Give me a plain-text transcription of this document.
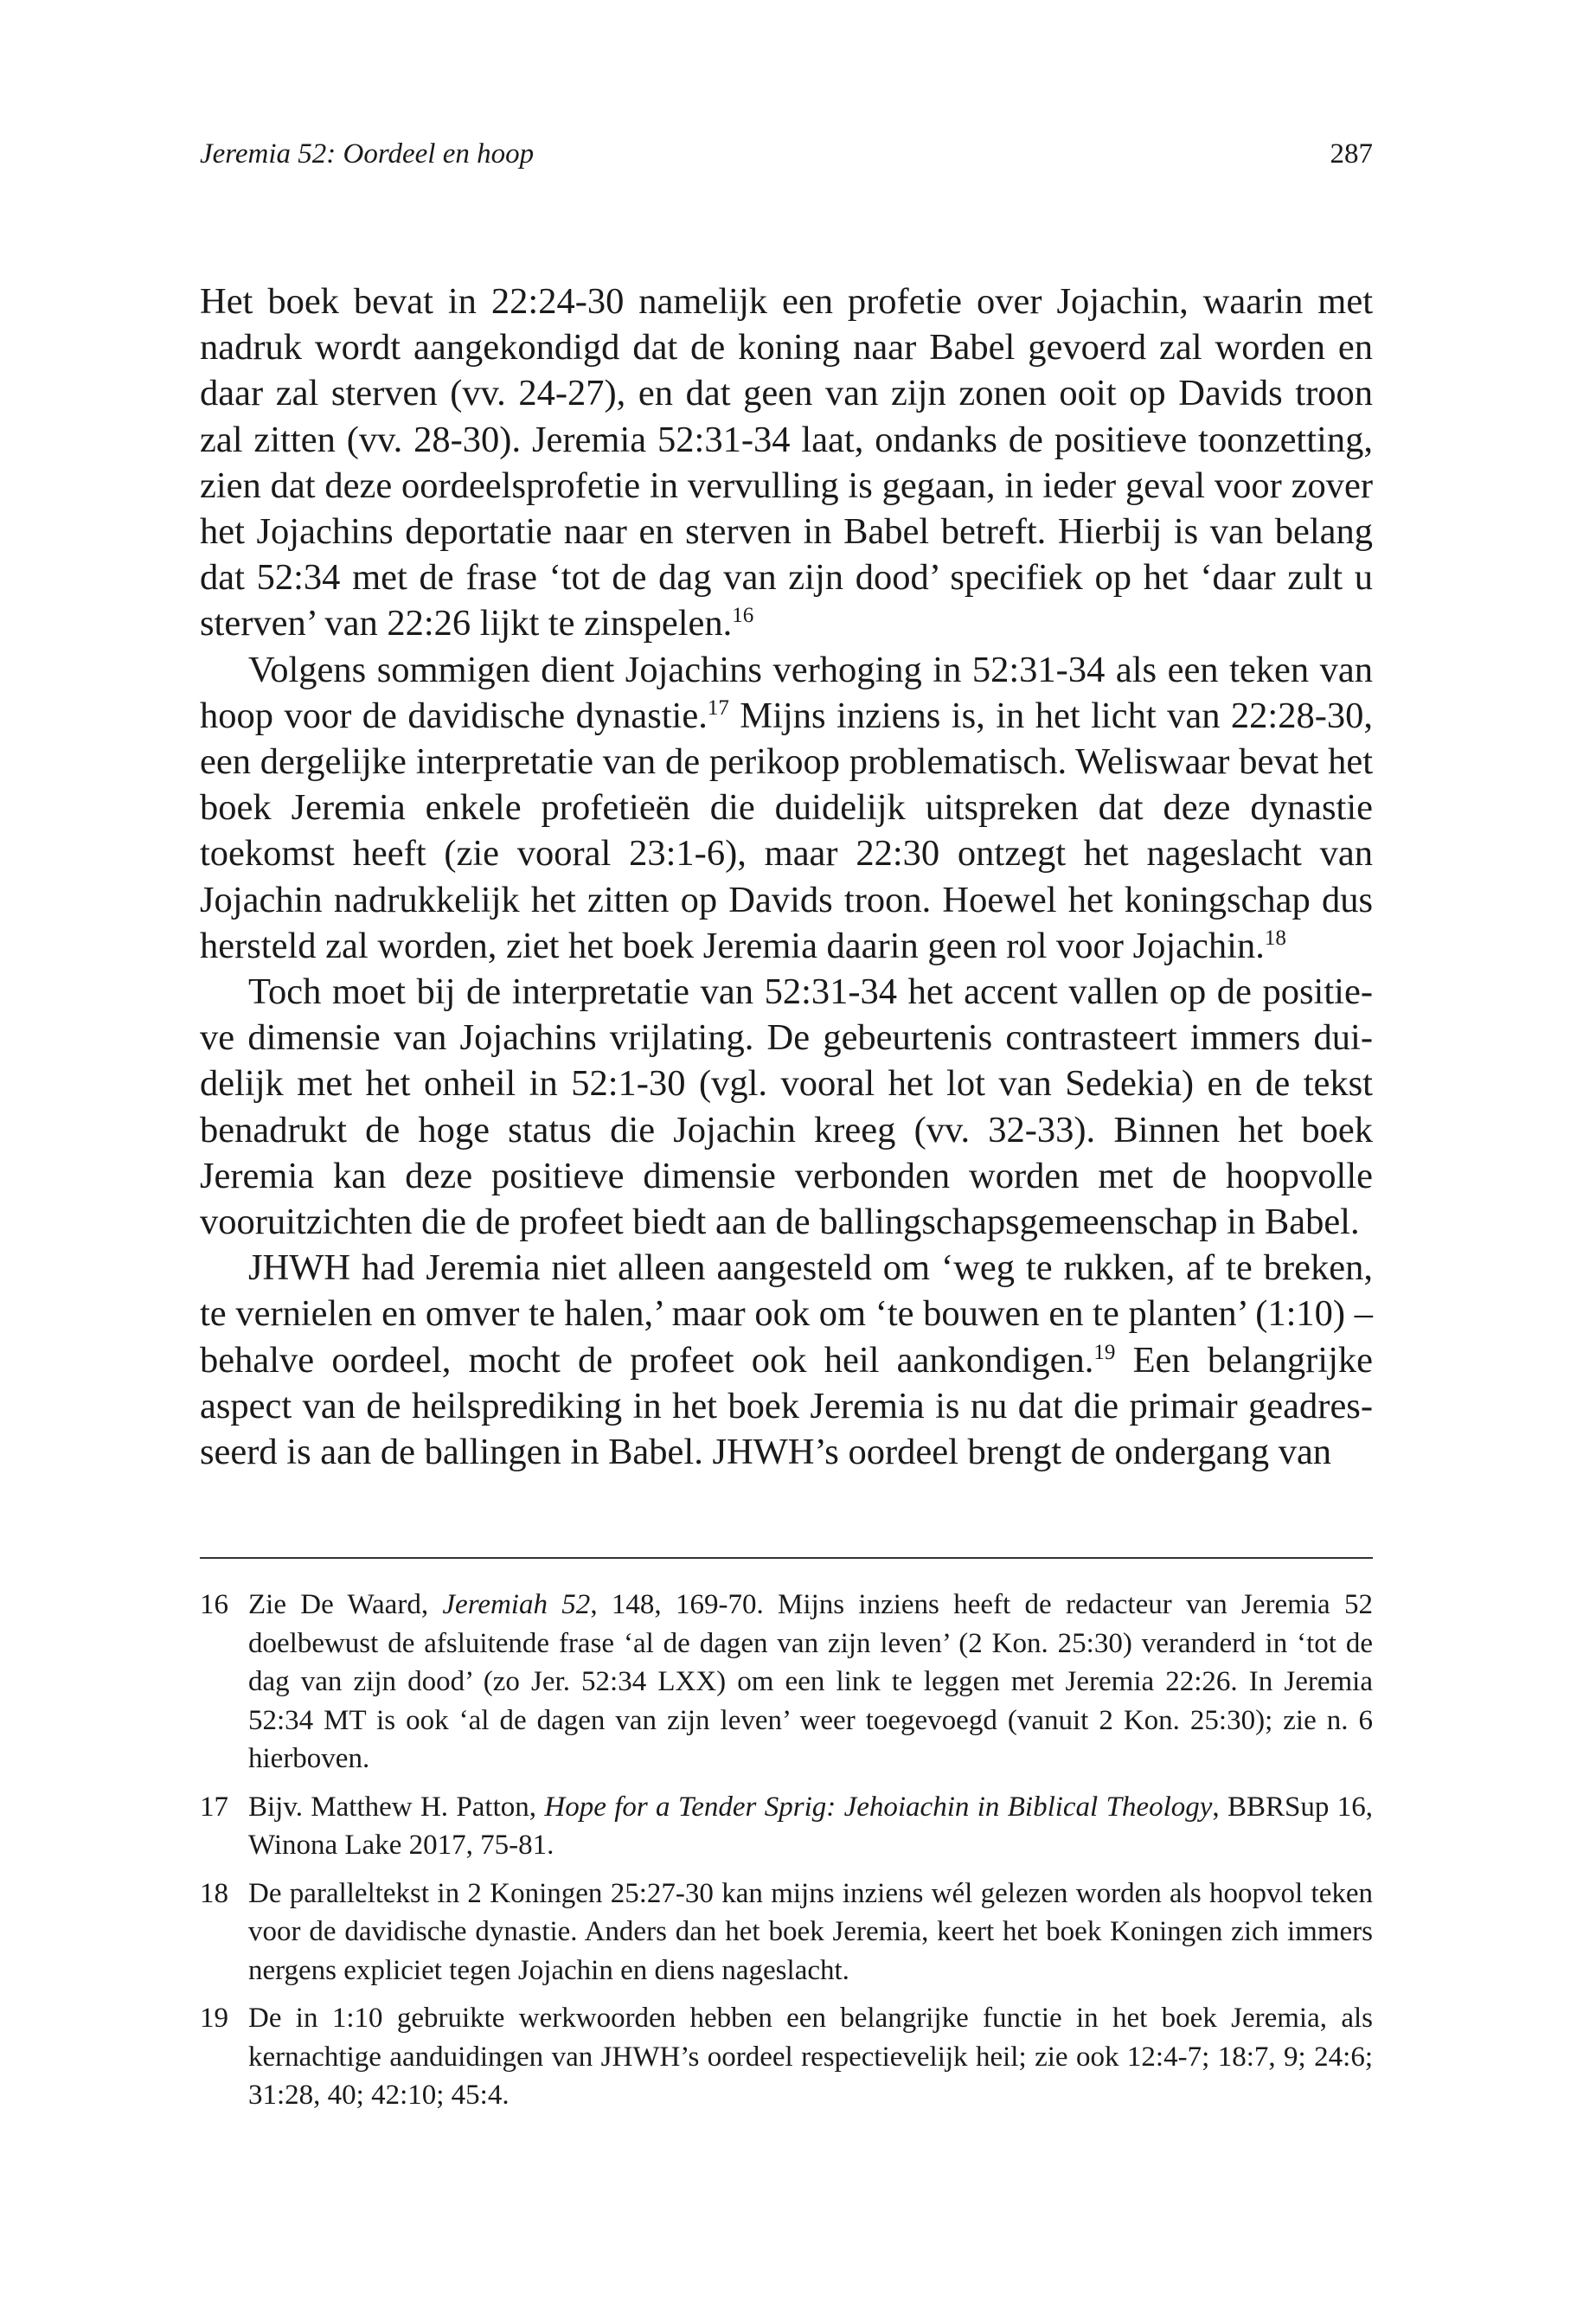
Jeremia 52: Oordeel en hoop	287

Het boek bevat in 22:24-30 namelijk een profetie over Jojachin, waarin met nadruk wordt aangekondigd dat de koning naar Babel gevoerd zal worden en daar zal sterven (vv. 24-27), en dat geen van zijn zonen ooit op Davids troon zal zitten (vv. 28-30). Jeremia 52:31-34 laat, ondanks de positieve toonzetting, zien dat deze oordeelsprofetie in vervulling is gegaan, in ieder geval voor zover het Jojachins deportatie naar en sterven in Babel betreft. Hierbij is van belang dat 52:34 met de frase ‘tot de dag van zijn dood’ specifiek op het ‘daar zult u sterven’ van 22:26 lijkt te zinspelen.$^{16}$

Volgens sommigen dient Jojachins verhoging in 52:31-34 als een teken van hoop voor de davidische dynastie.$^{17}$ Mijns inziens is, in het licht van 22:28-30, een dergelijke interpretatie van de perikoop problematisch. Weliswaar bevat het boek Jeremia enkele profetieën die duidelijk uitspreken dat deze dynastie toekomst heeft (zie vooral 23:1-6), maar 22:30 ontzegt het nageslacht van Jojachin nadrukkelijk het zitten op Davids troon. Hoewel het koningschap dus hersteld zal worden, ziet het boek Jeremia daarin geen rol voor Jojachin.$^{18}$

Toch moet bij de interpretatie van 52:31-34 het accent vallen op de positieve dimensie van Jojachins vrijlating. De gebeurtenis contrasteert immers duidelijk met het onheil in 52:1-30 (vgl. vooral het lot van Sedekia) en de tekst benadrukt de hoge status die Jojachin kreeg (vv. 32-33). Binnen het boek Jeremia kan deze positieve dimensie verbonden worden met de hoopvolle vooruitzichten die de profeet biedt aan de ballingschapsgemeenschap in Babel.

JHWH had Jeremia niet alleen aangesteld om ‘weg te rukken, af te breken, te vernielen en omver te halen,’ maar ook om ‘te bouwen en te planten’ (1:10) – behalve oordeel, mocht de profeet ook heil aankondigen.$^{19}$ Een belangrijke aspect van de heilsprediking in het boek Jeremia is nu dat die primair geadresseerd is aan de ballingen in Babel. JHWH’s oordeel brengt de ondergang van

16 Zie De Waard, Jeremiah 52, 148, 169-70. Mijns inziens heeft de redacteur van Jeremia 52 doelbewust de afsluitende frase ‘al de dagen van zijn leven’ (2 Kon. 25:30) veranderd in ‘tot de dag van zijn dood’ (zo Jer. 52:34 LXX) om een link te leggen met Jeremia 22:26. In Jeremia 52:34 MT is ook ‘al de dagen van zijn leven’ weer toegevoegd (vanuit 2 Kon. 25:30); zie n. 6 hierboven.
17 Bijv. Matthew H. Patton, Hope for a Tender Sprig: Jehoiachin in Biblical Theology, BBRSup 16, Winona Lake 2017, 75-81.
18 De paralleltekst in 2 Koningen 25:27-30 kan mijns inziens wél gelezen worden als hoopvol teken voor de davidische dynastie. Anders dan het boek Jeremia, keert het boek Koningen zich immers nergens expliciet tegen Jojachin en diens nageslacht.
19 De in 1:10 gebruikte werkwoorden hebben een belangrijke functie in het boek Jeremia, als kernachtige aanduidingen van JHWH’s oordeel respectievelijk heil; zie ook 12:4-7; 18:7, 9; 24:6; 31:28, 40; 42:10; 45:4.
